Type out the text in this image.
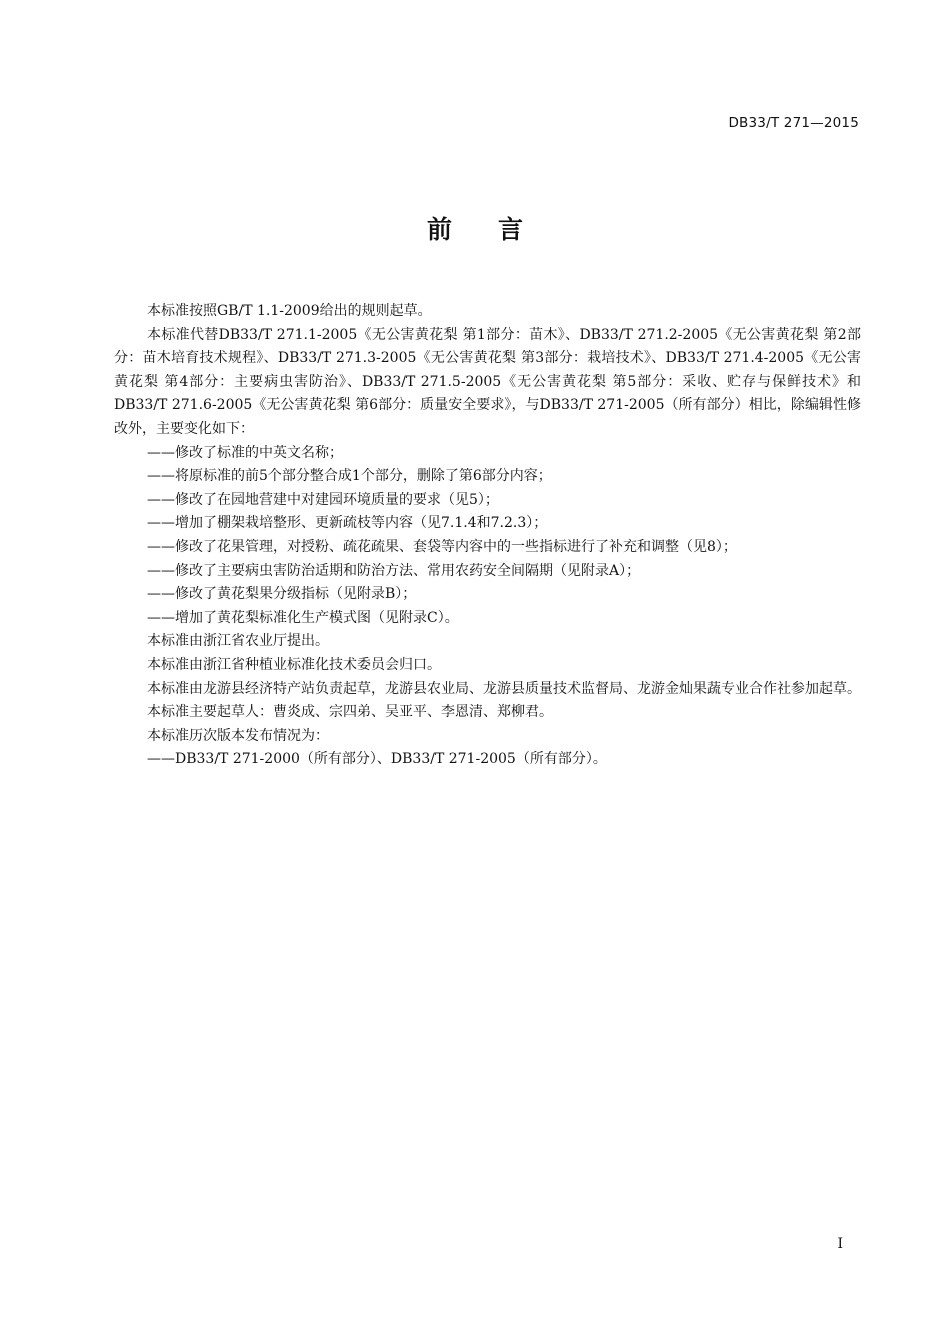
DB33/T 271—2015
前言

本标准按照GB/T 1.1-2009给出的规则起草。

本标准代替DB33/T 271.1-2005《无公害黄花梨 第1部分：苗木》、DB33/T 271.2-2005《无公害黄花梨 第2部分：苗木培育技术规程》、DB33/T 271.3-2005《无公害黄花梨 第3部分：栽培技术》、DB33/T 271.4-2005《无公害黄花梨 第4部分：主要病虫害防治》、DB33/T 271.5-2005《无公害黄花梨 第5部分：采收、贮存与保鲜技术》和DB33/T 271.6-2005《无公害黄花梨 第6部分：质量安全要求》，与DB33/T 271-2005（所有部分）相比，除编辑性修改外，主要变化如下：

——修改了标准的中英文名称；

——将原标准的前5个部分整合成1个部分，删除了第6部分内容；

——修改了在园地营建中对建园环境质量的要求（见5）；

——增加了棚架栽培整形、更新疏枝等内容（见7.1.4和7.2.3）；

——修改了花果管理，对授粉、疏花疏果、套袋等内容中的一些指标进行了补充和调整（见8）；

——修改了主要病虫害防治适期和防治方法、常用农药安全间隔期（见附录A）；

——修改了黄花梨果分级指标（见附录B）；

——增加了黄花梨标准化生产模式图（见附录C）。

本标准由浙江省农业厅提出。

本标准由浙江省种植业标准化技术委员会归口。

本标准由龙游县经济特产站负责起草，龙游县农业局、龙游县质量技术监督局、龙游金灿果蔬专业合作社参加起草。

本标准主要起草人：曹炎成、宗四弟、吴亚平、李恩清、郑柳君。

本标准历次版本发布情况为：

——DB33/T 271-2000（所有部分）、DB33/T 271-2005（所有部分）。

I
